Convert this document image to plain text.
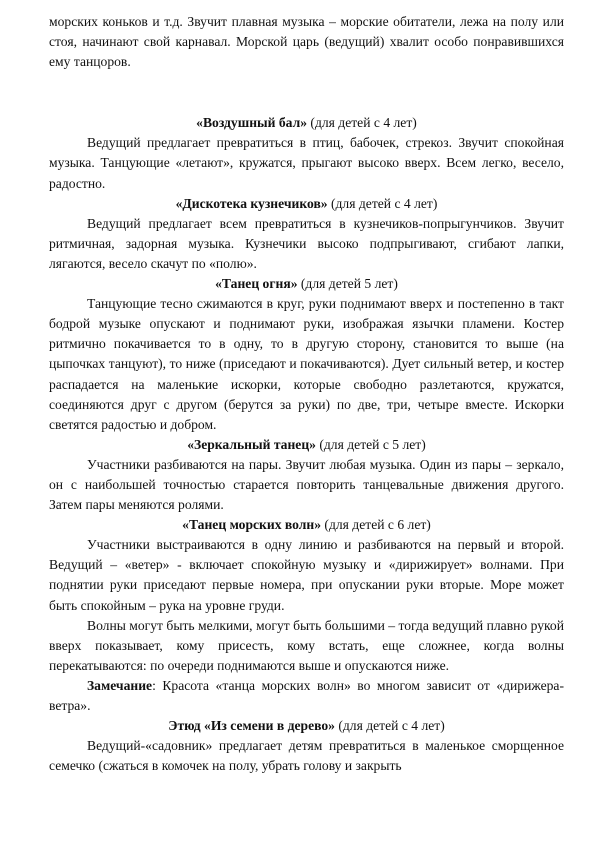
морских коньков и т.д. Звучит плавная музыка – морские обитатели, лежа на полу или стоя, начинают свой карнавал. Морской царь (ведущий) хвалит особо понравившихся ему танцоров.

«Воздушный бал» (для детей с 4 лет)

Ведущий предлагает превратиться в птиц, бабочек, стрекоз. Звучит спокойная музыка. Танцующие «летают», кружатся, прыгают высоко вверх. Всем легко, весело, радостно.

«Дискотека кузнечиков» (для детей с 4 лет)

Ведущий предлагает всем превратиться в кузнечиков-попрыгунчиков. Звучит ритмичная, задорная музыка. Кузнечики высоко подпрыгивают, сгибают лапки, лягаются, весело скачут по «полю».

«Танец огня» (для детей 5 лет)

Танцующие тесно сжимаются в круг, руки поднимают вверх и постепенно в такт бодрой музыке опускают и поднимают руки, изображая язычки пламени. Костер ритмично покачивается то в одну, то в другую сторону, становится то выше (на цыпочках танцуют), то ниже (приседают и покачиваются). Дует сильный ветер, и костер распадается на маленькие искорки, которые свободно разлетаются, кружатся, соединяются друг с другом (берутся за руки) по две, три, четыре вместе. Искорки светятся радостью и добром.

«Зеркальный танец» (для детей с 5 лет)

Участники разбиваются на пары. Звучит любая музыка. Один из пары – зеркало, он с наибольшей точностью старается повторить танцевальные движения другого. Затем пары меняются ролями.

«Танец морских волн» (для детей с 6 лет)

Участники выстраиваются в одну линию и разбиваются на первый и второй. Ведущий – «ветер» - включает спокойную музыку и «дирижирует» волнами. При поднятии руки приседают первые номера, при опускании руки вторые. Море может быть спокойным – рука на уровне груди.

Волны могут быть мелкими, могут быть большими – тогда ведущий плавно рукой вверх показывает, кому присесть, кому встать, еще сложнее, когда волны перекатываются: по очереди поднимаются выше и опускаются ниже.

Замечание: Красота «танца морских волн» во многом зависит от «дирижера-ветра».

Этюд «Из семени в дерево» (для детей с 4 лет)

Ведущий-«садовник» предлагает детям превратиться в маленькое сморщенное семечко (сжаться в комочек на полу, убрать голову и закрыть
